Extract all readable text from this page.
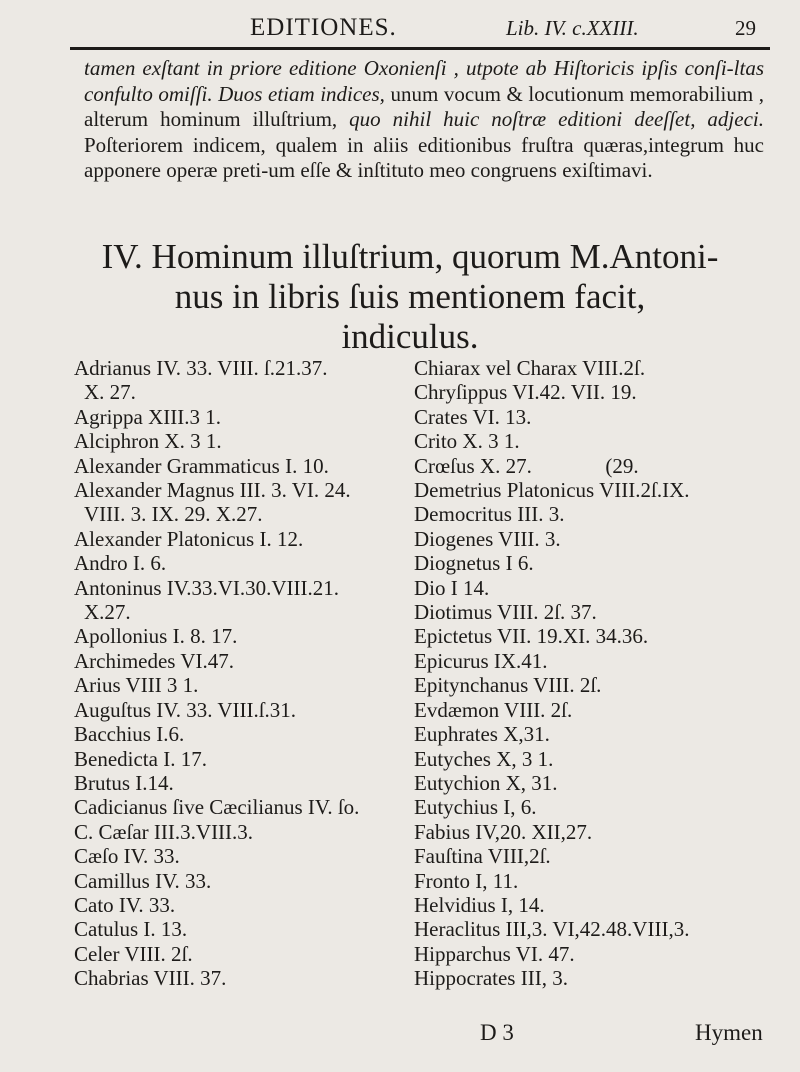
EDITIONES.	Lib. IV. c.XXIII.	29

tamen exſtant in priore editione Oxonienſi , utpote ab Hiſtoricis ipſis conſi-ltas confulto omiſſi. Duos etiam indices, unum vocum & locutionum memorabilium , alterum hominum illuſtrium, quo nihil huic noſtræ editioni deeſſet, adjeci. Poſteriorem indicem, qualem in aliis editionibus fruſtra quæras,integrum huc apponere operæ preti-um eſſe & inſtituto meo congruens exiſtimavi.

IV. Hominum illuſtrium, quorum M.Antoni-
nus in libris ſuis mentionem facit,
indiculus.
Adrianus IV. 33. VIII. ſ.21.37.
X. 27.
Agrippa XIII.3 1.
Alciphron X. 3 1.
Alexander Grammaticus I. 10.
Alexander Magnus III. 3. VI. 24.
VIII. 3. IX. 29. X.27.
Alexander Platonicus I. 12.
Andro I. 6.
Antoninus IV.33.VI.30.VIII.21.
X.27.
Apollonius I. 8. 17.
Archimedes VI.47.
Arius VIII 3 1.
Auguſtus IV. 33. VIII.ſ.31.
Bacchius I.6.
Benedicta I. 17.
Brutus I.14.
Cadicianus ſive Cæcilianus IV. ſo.
C. Cæſar III.3.VIII.3.
Cæſo IV. 33.
Camillus IV. 33.
Cato IV. 33.
Catulus I. 13.
Celer VIII. 2ſ.
Chabrias VIII. 37.
Chiarax vel Charax VIII.2ſ.
Chryſippus VI.42. VII. 19.
Crates VI. 13.
Crito X. 3 1.
Crœſus X. 27.              (29.
Demetrius Platonicus VIII.2ſ.IX.
Democritus III. 3.
Diogenes VIII. 3.
Diognetus I 6.
Dio I 14.
Diotimus VIII. 2ſ. 37.
Epictetus VII. 19.XI. 34.36.
Epicurus IX.41.
Epitynchanus VIII. 2ſ.
Evdæmon VIII. 2ſ.
Euphrates X,31.
Eutyches X, 3 1.
Eutychion X, 31.
Eutychius I, 6.
Fabius IV,20. XII,27.
Fauſtina VIII,2ſ.
Fronto I, 11.
Helvidius I, 14.
Heraclitus III,3. VI,42.48.VIII,3.
Hipparchus VI. 47.
Hippocrates III, 3.
D 3	Hymen
